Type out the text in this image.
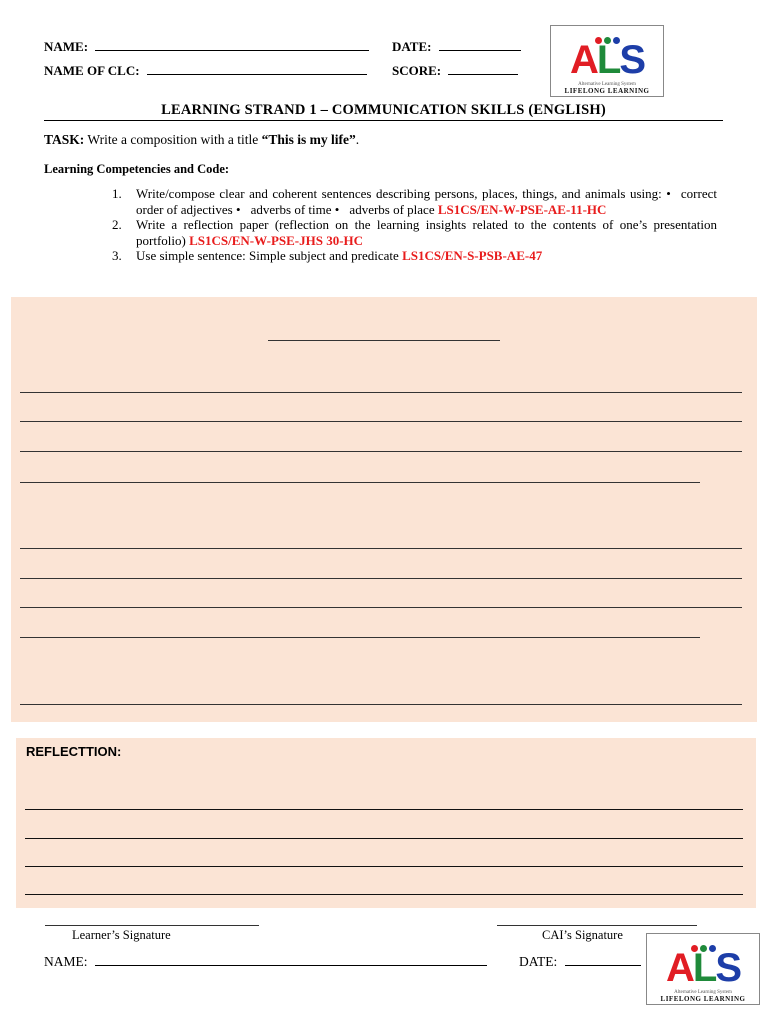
NAME:	DATE:
NAME OF CLC:	SCORE:	ALS
Alternative Learning System
LIFELONG LEARNING
LEARNING STRAND 1 – COMMUNICATION SKILLS (ENGLISH)
TASK: Write a composition with a title “This is my life”.
Learning Competencies and Code:
1. Write/compose clear and coherent sentences describing persons, places, things, and animals using: • correct order of adjectives • adverbs of time • adverbs of place LS1CS/EN-W-PSE-AE-11-HC
2. Write a reflection paper (reflection on the learning insights related to the contents of one’s presentation portfolio) LS1CS/EN-W-PSE-JHS 30-HC
3. Use simple sentence: Simple subject and predicate LS1CS/EN-S-PSB-AE-47
REFLECTTION:
Learner’s Signature	CAI’s Signature
NAME:	DATE:	ALS
Alternative Learning System
LIFELONG LEARNING
